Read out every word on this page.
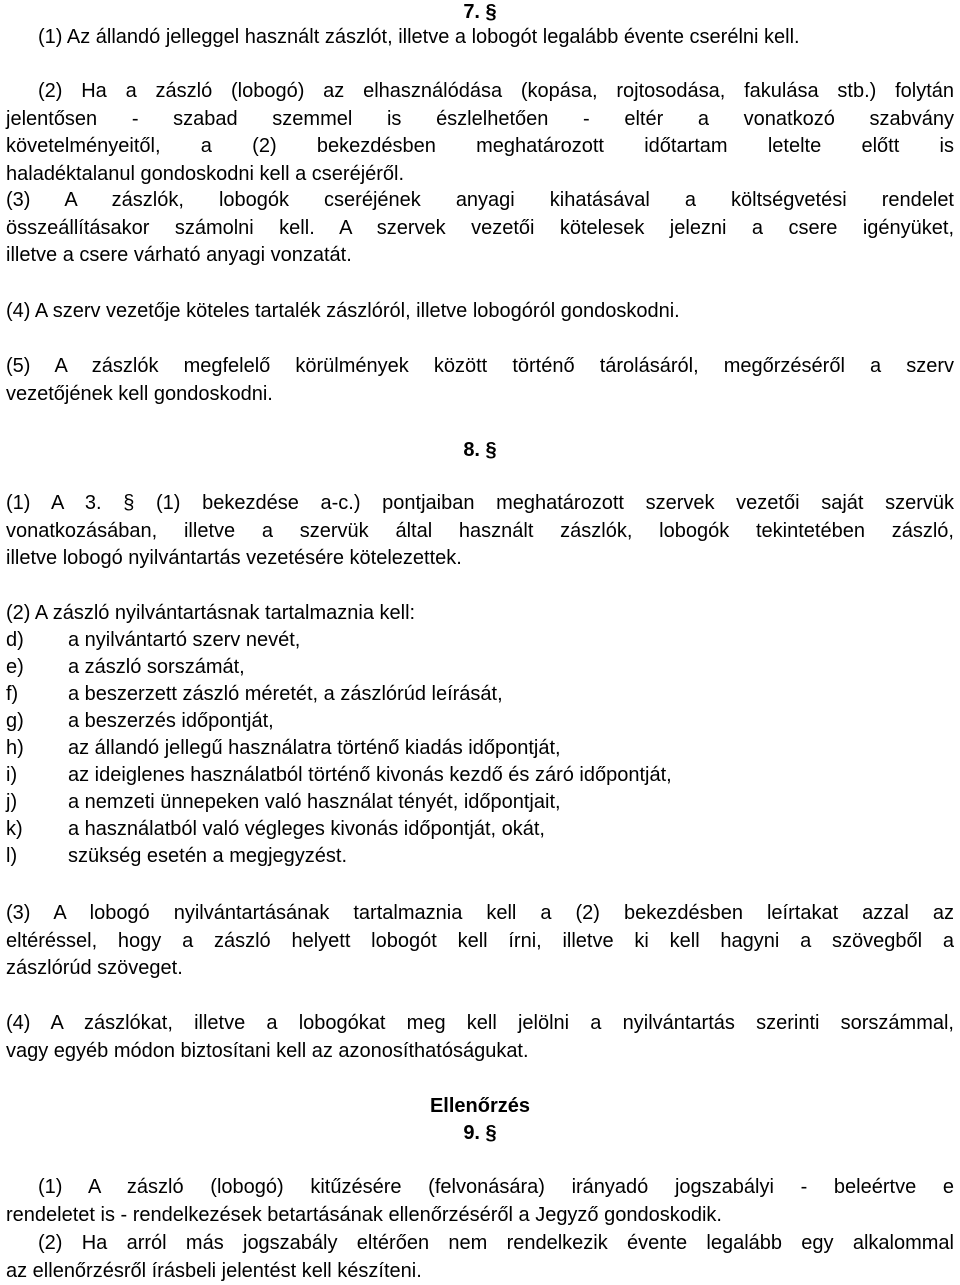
7. §
(1) Az állandó jelleggel használt zászlót, illetve a lobogót legalább évente cserélni kell.
(2) Ha a zászló (lobogó) az elhasználódása (kopása, rojtosodása, fakulása stb.) folytán
jelentősen - szabad szemmel is észlelhetően - eltér a vonatkozó szabvány
követelményeitől, a (2) bekezdésben meghatározott időtartam letelte előtt is
haladéktalanul gondoskodni kell a cseréjéről.
(3) A zászlók, lobogók cseréjének anyagi kihatásával a költségvetési rendelet
összeállításakor számolni kell. A szervek vezetői kötelesek jelezni a csere igényüket,
illetve a csere várható anyagi vonzatát.
(4) A szerv vezetője köteles tartalék zászlóról, illetve lobogóról gondoskodni.
(5) A zászlók megfelelő körülmények között történő tárolásáról, megőrzéséről a szerv
vezetőjének kell gondoskodni.
8. §
(1) A 3. § (1) bekezdése a-c.) pontjaiban meghatározott szervek vezetői saját szervük
vonatkozásában, illetve a szervük által használt zászlók, lobogók tekintetében zászló,
illetve lobogó nyilvántartás vezetésére kötelezettek.
(2) A zászló nyilvántartásnak tartalmaznia kell:
d) a nyilvántartó szerv nevét,
e) a zászló sorszámát,
f) a beszerzett zászló méretét, a zászlórúd leírását,
g) a beszerzés időpontját,
h) az állandó jellegű használatra történő kiadás időpontját,
i)	az ideiglenes használatból történő kivonás kezdő és záró időpontját,
j)	a nemzeti ünnepeken való használat tényét, időpontjait,
k) a használatból való végleges kivonás időpontját, okát,
l)	szükség esetén a megjegyzést.
(3) A lobogó nyilvántartásának tartalmaznia kell a (2) bekezdésben leírtakat azzal az
eltéréssel, hogy a zászló helyett lobogót kell írni, illetve ki kell hagyni a szövegből a
zászlórúd szöveget.
(4) A zászlókat, illetve a lobogókat meg kell jelölni a nyilvántartás szerinti sorszámmal,
vagy egyéb módon biztosítani kell az azonosíthatóságukat.
Ellenőrzés
9. §
(1) A zászló (lobogó) kitűzésére (felvonására) irányadó jogszabályi - beleértve e
rendeletet is - rendelkezések betartásának ellenőrzéséről a Jegyző gondoskodik.
(2) Ha arról más jogszabály eltérően nem rendelkezik évente legalább egy alkalommal
az ellenőrzésről írásbeli jelentést kell készíteni.
